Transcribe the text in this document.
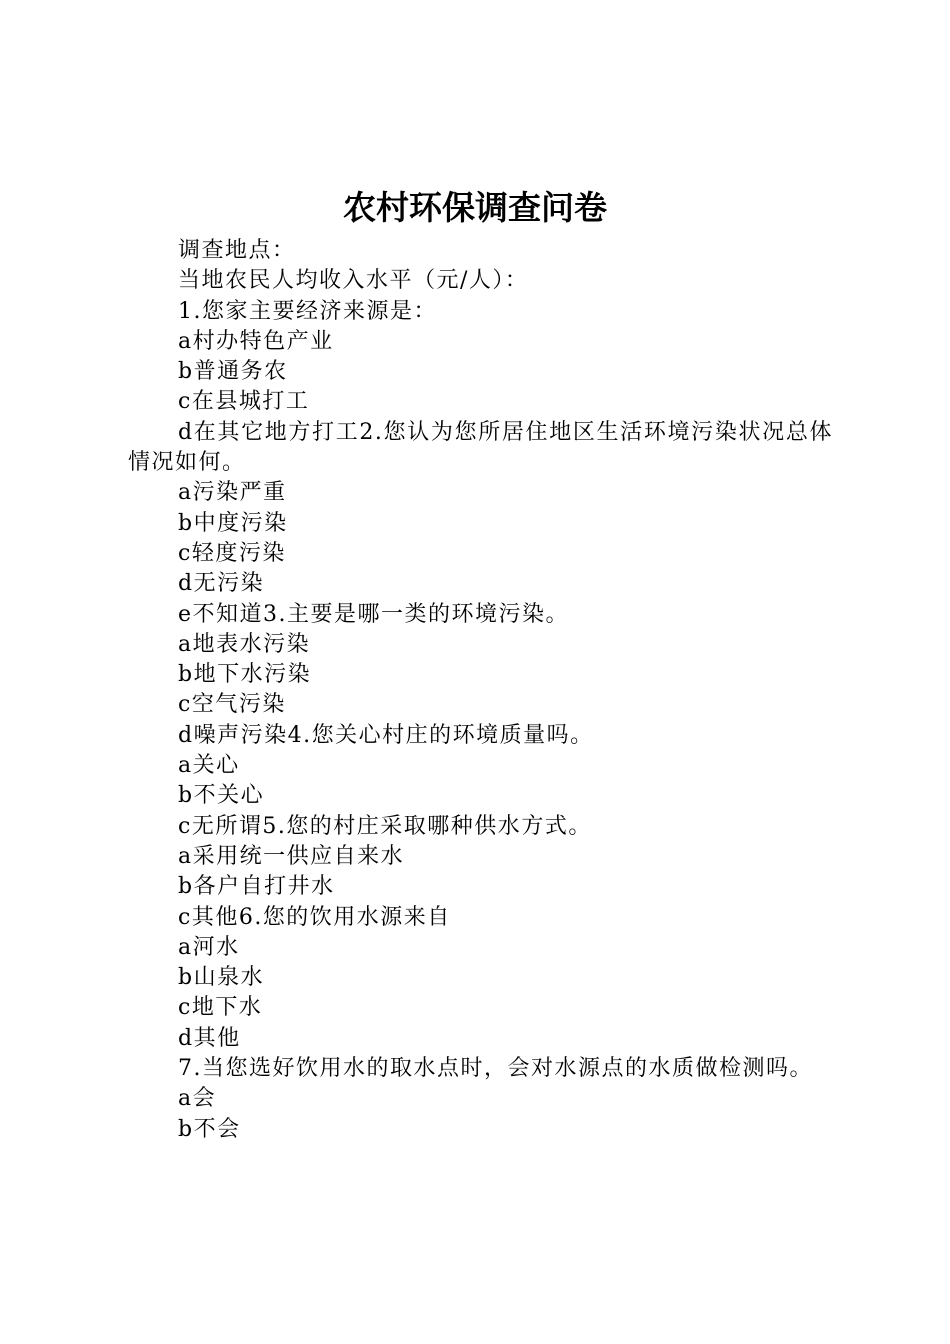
农村环保调查问卷

调查地点：

当地农民人均收入水平（元/人）：

1.您家主要经济来源是：

a村办特色产业

b普通务农

c在县城打工

d在其它地方打工2.您认为您所居住地区生活环境污染状况总体情况如何。

a污染严重

b中度污染

c轻度污染

d无污染

e不知道3.主要是哪一类的环境污染。

a地表水污染

b地下水污染

c空气污染

d噪声污染4.您关心村庄的环境质量吗。

a关心

b不关心

c无所谓5.您的村庄采取哪种供水方式。

a采用统一供应自来水

b各户自打井水

c其他6.您的饮用水源来自

a河水

b山泉水

c地下水

d其他

7.当您选好饮用水的取水点时，会对水源点的水质做检测吗。

a会

b不会
